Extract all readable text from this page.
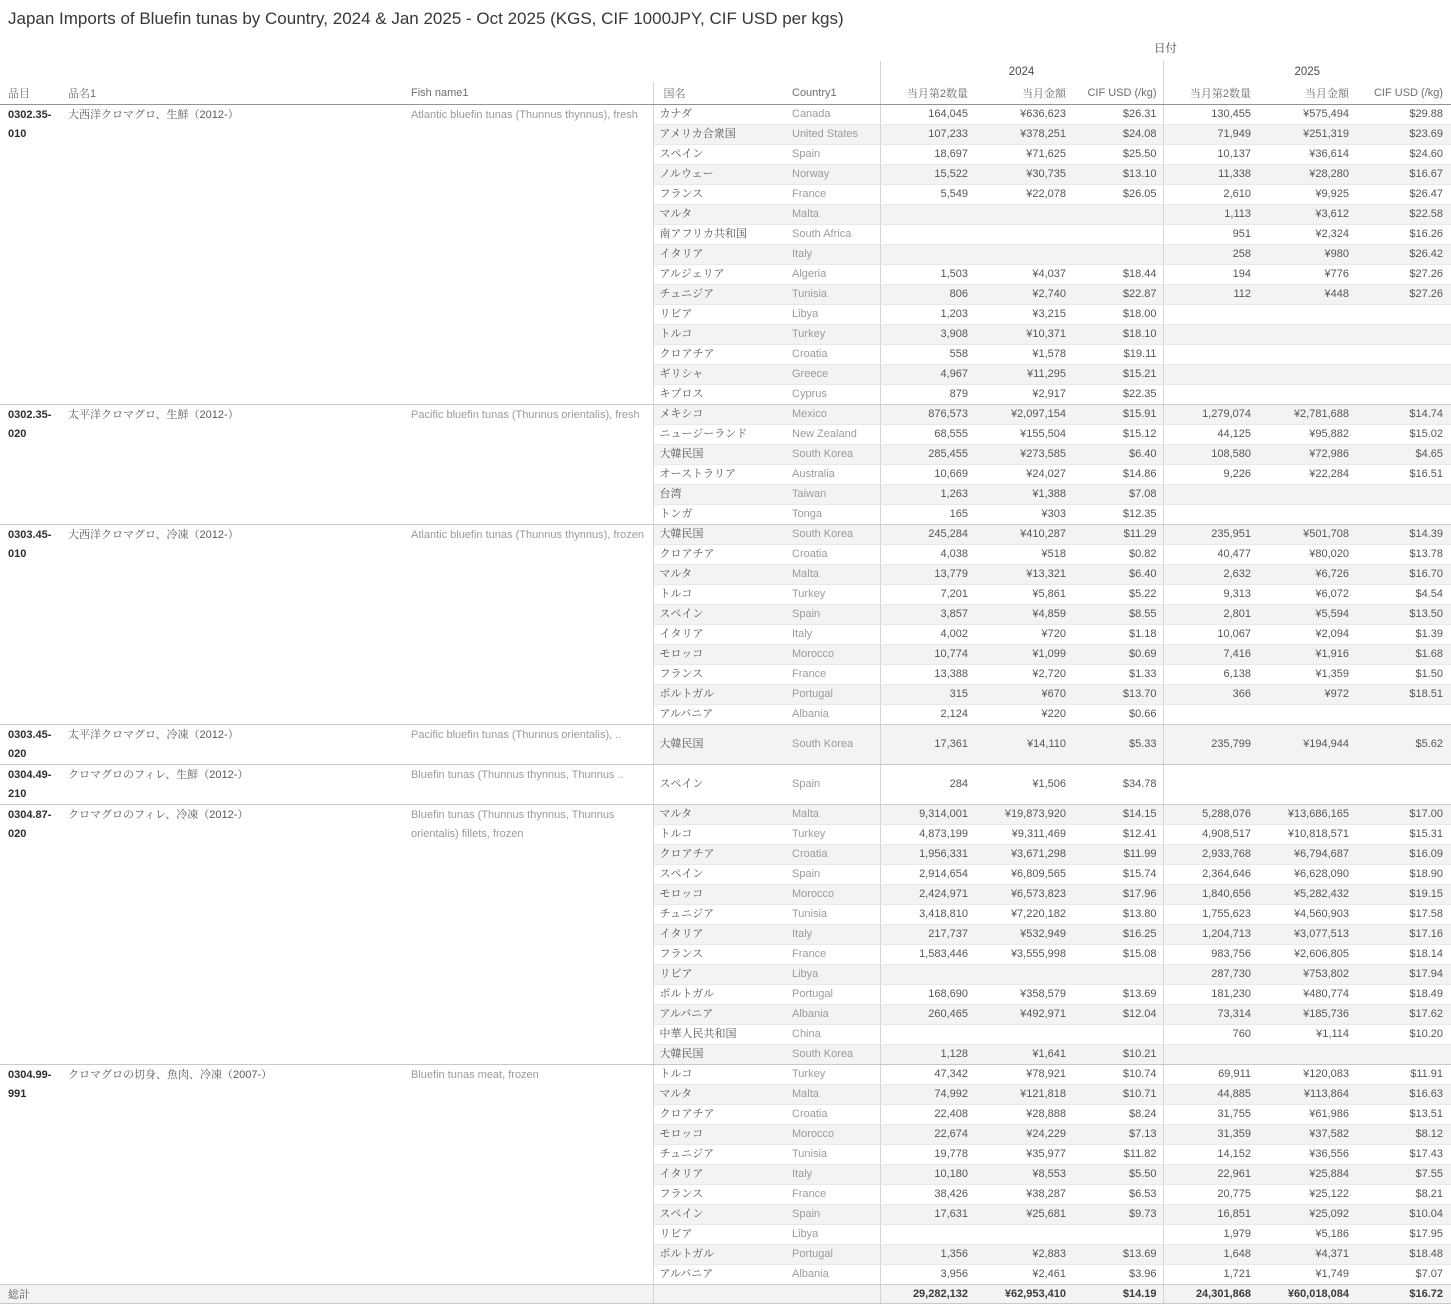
Japan Imports of Bluefin tunas by Country, 2024 & Jan 2025 - Oct 2025 (KGS, CIF 1000JPY, CIF USD per kgs)
					日付					
					2024			2025		
品目	品名1	Fish name1	国名	Country1	当月第2数量	当月金額	CIF USD (/kg)	当月第2数量	当月金額	CIF USD (/kg)
0302.35-010	大西洋クロマグロ、生鮮（2012-）	Atlantic bluefin tunas (Thunnus thynnus), fresh	カナダ	Canada	164,045	¥636,623	$26.31	130,455	¥575,494	$29.88
			アメリカ合衆国	United States	107,233	¥378,251	$24.08	71,949	¥251,319	$23.69
			スペイン	Spain	18,697	¥71,625	$25.50	10,137	¥36,614	$24.60
			ノルウェー	Norway	15,522	¥30,735	$13.10	11,338	¥28,280	$16.67
			フランス	France	5,549	¥22,078	$26.05	2,610	¥9,925	$26.47
			マルタ	Malta				1,113	¥3,612	$22.58
			南アフリカ共和国	South Africa				951	¥2,324	$16.26
			イタリア	Italy				258	¥980	$26.42
			アルジェリア	Algeria	1,503	¥4,037	$18.44	194	¥776	$27.26
			チュニジア	Tunisia	806	¥2,740	$22.87	112	¥448	$27.26
			リビア	Libya	1,203	¥3,215	$18.00			
			トルコ	Turkey	3,908	¥10,371	$18.10			
			クロアチア	Croatia	558	¥1,578	$19.11			
			ギリシャ	Greece	4,967	¥11,295	$15.21			
			キプロス	Cyprus	879	¥2,917	$22.35			
0302.35-020	太平洋クロマグロ、生鮮（2012-）	Pacific bluefin tunas (Thunnus orientalis), fresh	メキシコ	Mexico	876,573	¥2,097,154	$15.91	1,279,074	¥2,781,688	$14.74
			ニュージーランド	New Zealand	68,555	¥155,504	$15.12	44,125	¥95,882	$15.02
			大韓民国	South Korea	285,455	¥273,585	$6.40	108,580	¥72,986	$4.65
			オーストラリア	Australia	10,669	¥24,027	$14.86	9,226	¥22,284	$16.51
			台湾	Taiwan	1,263	¥1,388	$7.08			
			トンガ	Tonga	165	¥303	$12.35			
0303.45-010	大西洋クロマグロ、冷凍（2012-）	Atlantic bluefin tunas (Thunnus thynnus), frozen	大韓民国	South Korea	245,284	¥410,287	$11.29	235,951	¥501,708	$14.39
			クロアチア	Croatia	4,038	¥518	$0.82	40,477	¥80,020	$13.78
			マルタ	Malta	13,779	¥13,321	$6.40	2,632	¥6,726	$16.70
			トルコ	Turkey	7,201	¥5,861	$5.22	9,313	¥6,072	$4.54
			スペイン	Spain	3,857	¥4,859	$8.55	2,801	¥5,594	$13.50
			イタリア	Italy	4,002	¥720	$1.18	10,067	¥2,094	$1.39
			モロッコ	Morocco	10,774	¥1,099	$0.69	7,416	¥1,916	$1.68
			フランス	France	13,388	¥2,720	$1.33	6,138	¥1,359	$1.50
			ポルトガル	Portugal	315	¥670	$13.70	366	¥972	$18.51
			アルバニア	Albania	2,124	¥220	$0.66			
0303.45-020	太平洋クロマグロ、冷凍（2012-）	Pacific bluefin tunas (Thunnus orientalis), ..	大韓民国	South Korea	17,361	¥14,110	$5.33	235,799	¥194,944	$5.62
0304.49-210	クロマグロのフィレ、生鮮（2012-）	Bluefin tunas (Thunnus thynnus, Thunnus ..	スペイン	Spain	284	¥1,506	$34.78			
0304.87-020	クロマグロのフィレ、冷凍（2012-）	Bluefin tunas (Thunnus thynnus, Thunnus orientalis) fillets, frozen	マルタ	Malta	9,314,001	¥19,873,920	$14.15	5,288,076	¥13,686,165	$17.00
			トルコ	Turkey	4,873,199	¥9,311,469	$12.41	4,908,517	¥10,818,571	$15.31
			クロアチア	Croatia	1,956,331	¥3,671,298	$11.99	2,933,768	¥6,794,687	$16.09
			スペイン	Spain	2,914,654	¥6,809,565	$15.74	2,364,646	¥6,628,090	$18.90
			モロッコ	Morocco	2,424,971	¥6,573,823	$17.96	1,840,656	¥5,282,432	$19.15
			チュニジア	Tunisia	3,418,810	¥7,220,182	$13.80	1,755,623	¥4,560,903	$17.58
			イタリア	Italy	217,737	¥532,949	$16.25	1,204,713	¥3,077,513	$17.16
			フランス	France	1,583,446	¥3,555,998	$15.08	983,756	¥2,606,805	$18.14
			リビア	Libya				287,730	¥753,802	$17.94
			ポルトガル	Portugal	168,690	¥358,579	$13.69	181,230	¥480,774	$18.49
			アルバニア	Albania	260,465	¥492,971	$12.04	73,314	¥185,736	$17.62
			中華人民共和国	China				760	¥1,114	$10.20
			大韓民国	South Korea	1,128	¥1,641	$10.21			
0304.99-991	クロマグロの切身、魚肉、冷凍（2007-）	Bluefin tunas meat, frozen	トルコ	Turkey	47,342	¥78,921	$10.74	69,911	¥120,083	$11.91
			マルタ	Malta	74,992	¥121,818	$10.71	44,885	¥113,864	$16.63
			クロアチア	Croatia	22,408	¥28,888	$8.24	31,755	¥61,986	$13.51
			モロッコ	Morocco	22,674	¥24,229	$7.13	31,359	¥37,582	$8.12
			チュニジア	Tunisia	19,778	¥35,977	$11.82	14,152	¥36,556	$17.43
			イタリア	Italy	10,180	¥8,553	$5.50	22,961	¥25,884	$7.55
			フランス	France	38,426	¥38,287	$6.53	20,775	¥25,122	$8.21
			スペイン	Spain	17,631	¥25,681	$9.73	16,851	¥25,092	$10.04
			リビア	Libya				1,979	¥5,186	$17.95
			ポルトガル	Portugal	1,356	¥2,883	$13.69	1,648	¥4,371	$18.48
			アルバニア	Albania	3,956	¥2,461	$3.96	1,721	¥1,749	$7.07
総計					29,282,132	¥62,953,410	$14.19	24,301,868	¥60,018,084	$16.72
